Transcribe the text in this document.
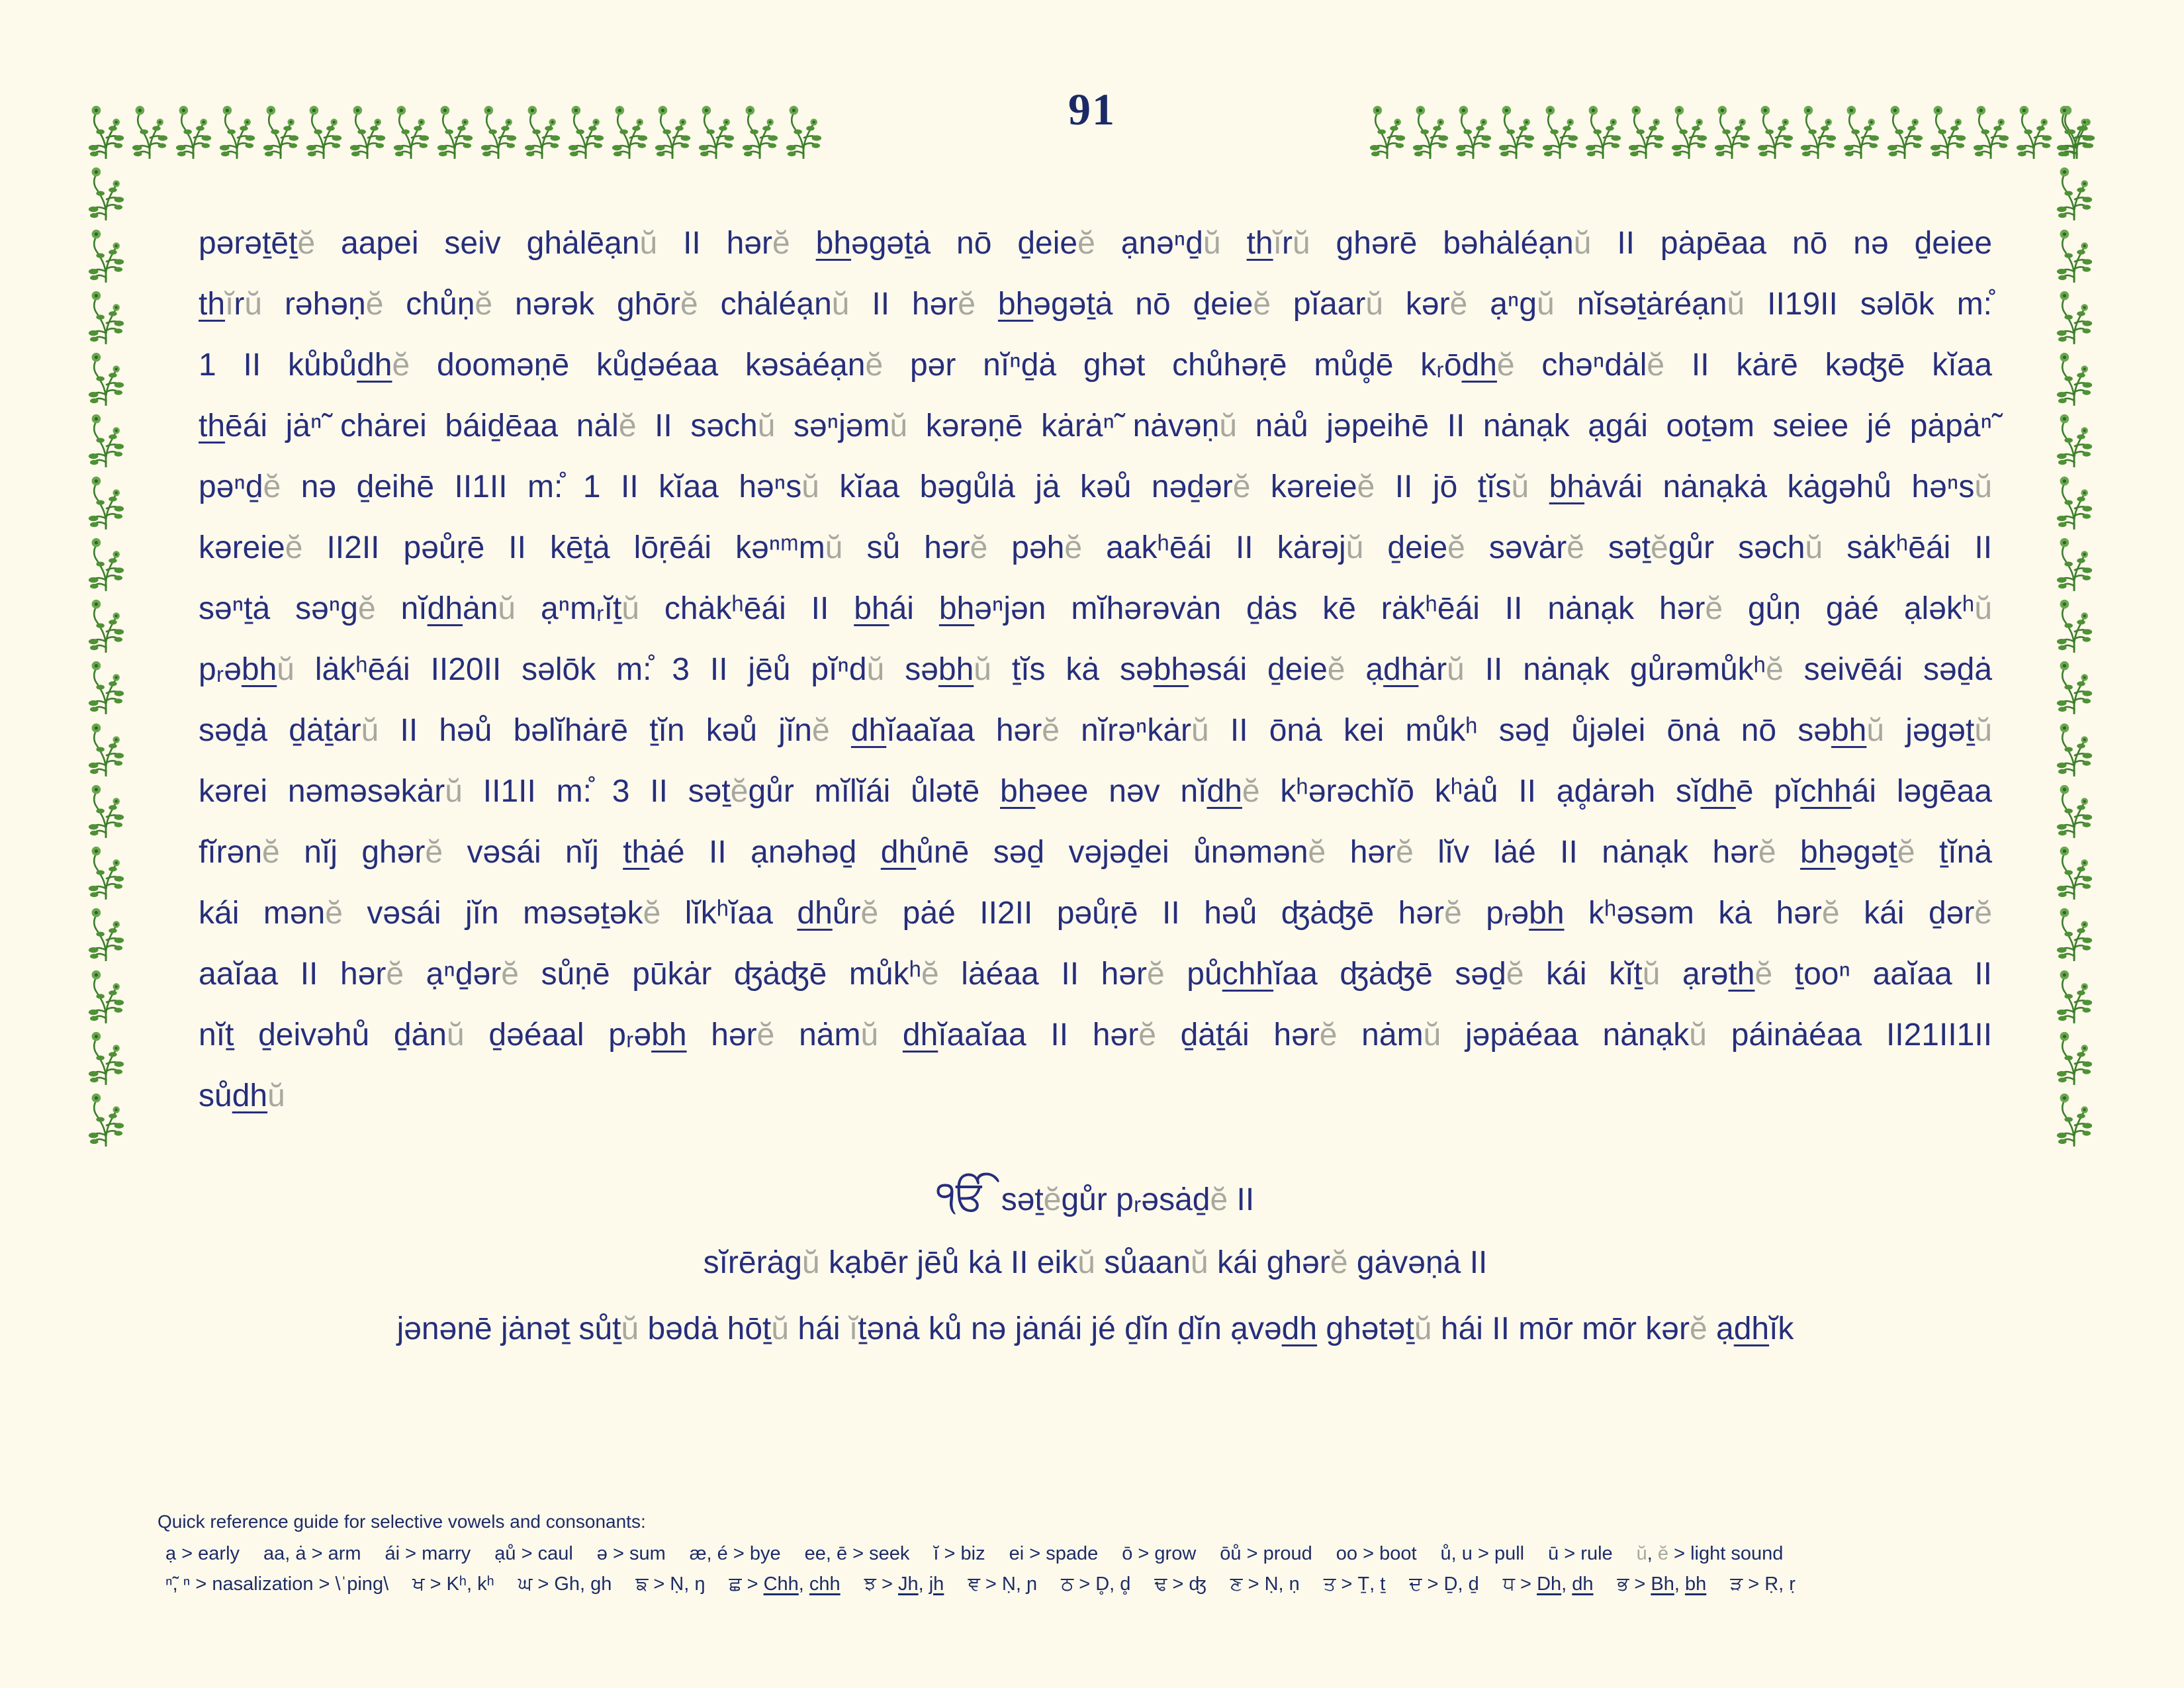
91
pərəṯēṯĕ aapei seiv ghȧlēạnŭ II hərĕ bhəgəṯȧ nō ḏeieĕ ạnəⁿḏŭ thĭrŭ ghərē bəhȧléạnŭ II pȧpēaa nō nə ḏeiee
thĭrŭ rəhəṇĕ chůṇĕ nərək ghōrĕ chȧléạnŭ II hərĕ bhəgəṯȧ nō ḏeieĕ pĭaarŭ kərĕ ạⁿgŭ nĭsəṯȧréạnŭ II19II səlōk m:̊
1 II kůbůdhĕ dooməṇē kůḏəéaa kəsȧéạnĕ pər nĭⁿḏȧ ghət chůhəṛē můd̥ē kᵣōdhĕ chəⁿdȧlĕ II kȧrē kəʤē kĭaa
thēái jȧⁿ̃ chȧrei báiḏēaa nȧlĕ II səchŭ səⁿjəmŭ kərəṇē kȧrȧⁿ̃ nȧvəṇŭ nȧů jəpeihē II nȧnạk ạgái ooṯəm seiee jé pȧpȧⁿ̃
pəⁿḏĕ nə ḏeihē II1II m:̊ 1 II kĭaa həⁿsŭ kĭaa bəgůlȧ jȧ kəů nəḏərĕ kəreieĕ II jō ṯĭsŭ bhȧvái nȧnạkȧ kȧgəhů həⁿsŭ
kəreieĕ II2II pəůṛē II kēṯȧ lōṛēái kəⁿᵐmŭ sů hərĕ pəhĕ aakʰēái II kȧrəjŭ ḏeieĕ səvȧrĕ səṯĕgůr səchŭ sȧkʰēái II
səⁿṯȧ səⁿgĕ nĭdhȧnŭ ạⁿmᵣĭṯŭ chȧkʰēái II bhái bhəⁿjən mĭhərəvȧn ḏȧs kē rȧkʰēái II nȧnạk hərĕ gůṇ gȧé ạləkʰŭ
pᵣəbhŭ lȧkʰēái II20II səlōk m:̊ 3 II jēů pĭⁿdŭ səbhŭ ṯĭs kȧ səbhəsái ḏeieĕ ạdhȧrŭ II nȧnạk gůrəmůkʰĕ seivēái səḏȧ
səḏȧ ḏȧṯȧrŭ II həů bəlĭhȧrē ṯĭn kəů jĭnĕ dhĭaaĭaa hərĕ nĭrəⁿkȧrŭ II ōnȧ kei můkʰ səḏ ůjəlei ōnȧ nō səbhŭ jəgəṯŭ
kərei nəməsəkȧrŭ II1II m:̊ 3 II səṯĕgůr mĭlĭái ůlətē bhəee nəv nĭdhĕ kʰərəchĭō kʰȧů II ạd̥ȧrəh sĭdhē pĭchhái ləgēaa
fĭrənĕ nĭj ghərĕ vəsái nĭj thȧé II ạnəhəḏ dhůnē səḏ vəjəḏei ůnəmənĕ hərĕ lĭv lȧé II nȧnạk hərĕ bhəgəṯĕ ṯĭnȧ
kái mənĕ vəsái jĭn məsəṯəkĕ lĭkʰĭaa dhůrĕ pȧé II2II pəůṛē II həů ʤȧʤē hərĕ pᵣəbh kʰəsəm kȧ hərĕ kái ḏərĕ
aaĭaa II hərĕ ạⁿḏərĕ sůṇē pūkȧr ʤȧʤē můkʰĕ lȧéaa II hərĕ půchhĭaa ʤȧʤē səḏĕ kái kĭṯŭ ạrəthĕ ṯooⁿ aaĭaa II
nĭṯ ḏeivəhů ḏȧnŭ ḏəéaal pᵣəbh hərĕ nȧmŭ dhĭaaĭaa II hərĕ ḏȧṯái hərĕ nȧmŭ jəpȧéaa nȧnạkŭ páinȧéaa II21II1II
sůdhŭ
ੴ səṯĕgůr pᵣəsȧḏĕ II
sĭrērȧgŭ kạbēr jēů kȧ II eikŭ sůaanŭ kái ghərĕ gȧvəṇȧ II
jənənē jȧnəṯ sůṯŭ bədȧ hōṯŭ hái ĭṯənȧ ků nə jȧnái jé ḏĭn ḏĭn ạvədh ghətəṯŭ hái II mōr mōr kərĕ ạdhĭk
Quick reference guide for selective vowels and consonants:
ạ > early aa, ȧ > arm ái > marry ạů > caul ə > sum æ, é > bye ee, ē > seek ĭ > biz ei > spade ō > grow ōů > proud oo > boot ů, u > pull ū > rule ŭ, ĕ > light sound
ⁿ̃, ⁿ > nasalization > \ˈping\ ਖ > Kʰ, kʰ ਘ > Gh, gh ਙ > Ṇ, ŋ ਛ > Chh, chh ਝ > Jh, jh ਞ > Ṇ, ɲ ਠ > D̥, d̥ ਢ > ʤ ਣ > Ṇ, ṇ ਤ > Ṯ, ṯ ਦ > Ḏ, ḏ ਧ > Dh, dh ਭ > Bh, bh ੜ > Ṛ, ṛ
